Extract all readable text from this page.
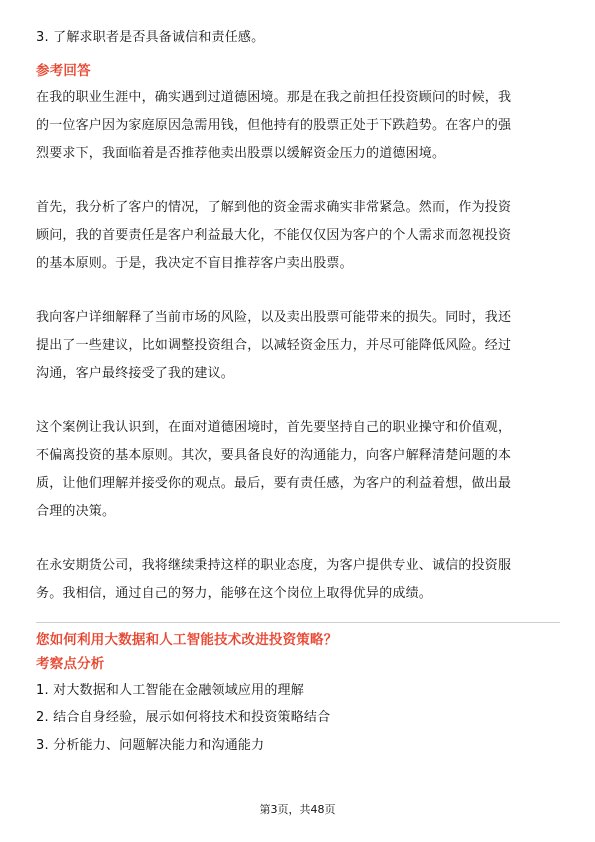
3. 了解求职者是否具备诚信和责任感。
参考回答
在我的职业生涯中，确实遇到过道德困境。那是在我之前担任投资顾问的时候，我
的一位客户因为家庭原因急需用钱，但他持有的股票正处于下跌趋势。在客户的强
烈要求下，我面临着是否推荐他卖出股票以缓解资金压力的道德困境。
首先，我分析了客户的情况，了解到他的资金需求确实非常紧急。然而，作为投资
顾问，我的首要责任是客户利益最大化，不能仅仅因为客户的个人需求而忽视投资
的基本原则。于是，我决定不盲目推荐客户卖出股票。
我向客户详细解释了当前市场的风险，以及卖出股票可能带来的损失。同时，我还
提出了一些建议，比如调整投资组合，以减轻资金压力，并尽可能降低风险。经过
沟通，客户最终接受了我的建议。
这个案例让我认识到，在面对道德困境时，首先要坚持自己的职业操守和价值观，
不偏离投资的基本原则。其次，要具备良好的沟通能力，向客户解释清楚问题的本
质，让他们理解并接受你的观点。最后，要有责任感，为客户的利益着想，做出最
合理的决策。
在永安期货公司，我将继续秉持这样的职业态度，为客户提供专业、诚信的投资服
务。我相信，通过自己的努力，能够在这个岗位上取得优异的成绩。
您如何利用大数据和人工智能技术改进投资策略？
考察点分析
1. 对大数据和人工智能在金融领域应用的理解
2. 结合自身经验，展示如何将技术和投资策略结合
3. 分析能力、问题解决能力和沟通能力
第3页，共48页
